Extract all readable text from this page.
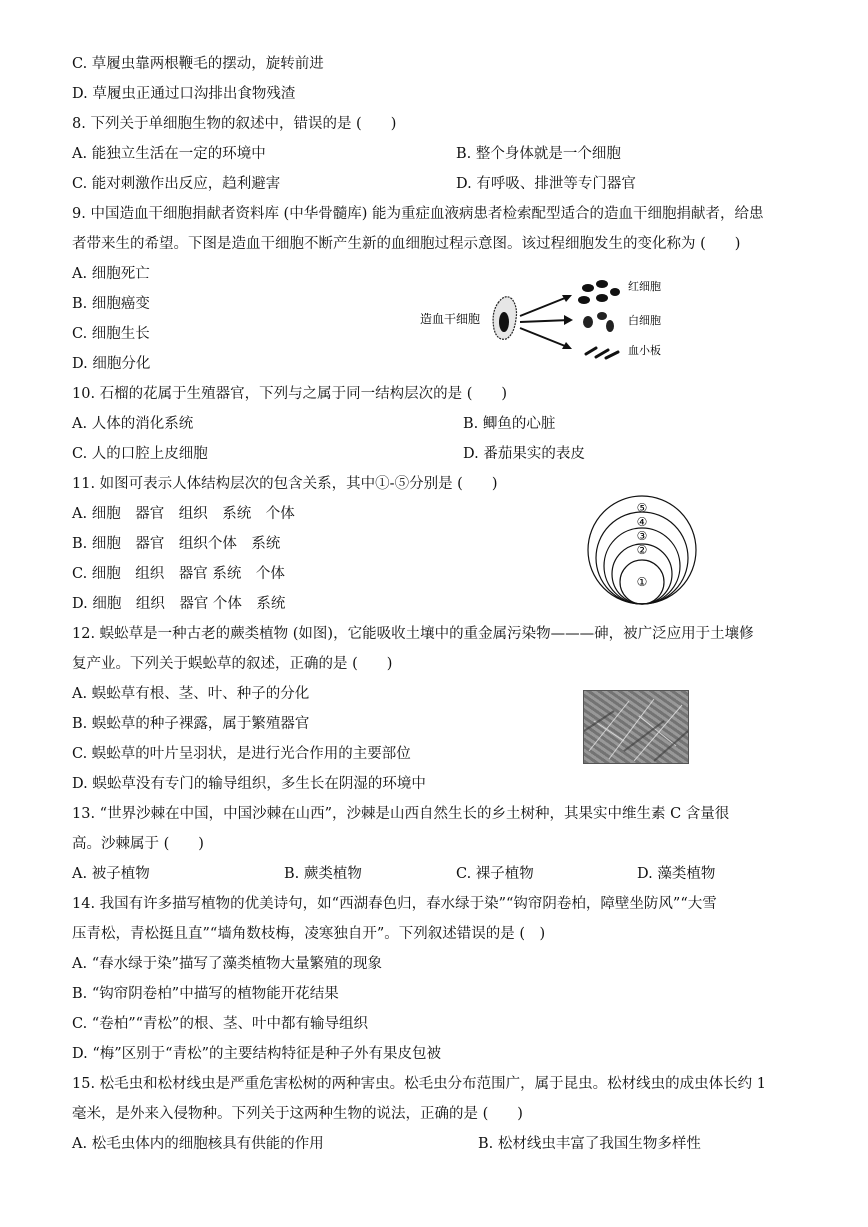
C. 草履虫靠两根鞭毛的摆动，旋转前进
D. 草履虫正通过口沟排出食物残渣
8. 下列关于单细胞生物的叙述中，错误的是 (　　)
A. 能独立生活在一定的环境中	B. 整个身体就是一个细胞
C. 能对刺激作出反应，趋利避害	D. 有呼吸、排泄等专门器官
9. 中国造血干细胞捐献者资料库 (中华骨髓库) 能为重症血液病患者检索配型适合的造血干细胞捐献者，给患
者带来生的希望。下图是造血干细胞不断产生新的血细胞过程示意图。该过程细胞发生的变化称为 (　　)
A. 细胞死亡
B. 细胞癌变
C. 细胞生长
D. 细胞分化
10. 石榴的花属于生殖器官，下列与之属于同一结构层次的是 (　　)
A. 人体的消化系统	B. 鲫鱼的心脏
C. 人的口腔上皮细胞	D. 番茄果实的表皮
11. 如图可表示人体结构层次的包含关系，其中①-⑤分别是 (　　)
A. 细胞　器官　组织　系统　个体
B. 细胞　器官　组织个体　系统
C. 细胞　组织　器官 系统　个体
D. 细胞　组织　器官 个体　系统
12. 蜈蚣草是一种古老的蕨类植物 (如图)，它能吸收土壤中的重金属污染物———砷，被广泛应用于土壤修
复产业。下列关于蜈蚣草的叙述，正确的是 (　　)
A. 蜈蚣草有根、茎、叶、种子的分化
B. 蜈蚣草的种子裸露，属于繁殖器官
C. 蜈蚣草的叶片呈羽状，是进行光合作用的主要部位
D. 蜈蚣草没有专门的输导组织，多生长在阴湿的环境中
13. “世界沙棘在中国，中国沙棘在山西”，沙棘是山西自然生长的乡土树种，其果实中维生素 C 含量很
高。沙棘属于 (　　)
A. 被子植物	B. 蕨类植物	C. 裸子植物	D. 藻类植物
14. 我国有许多描写植物的优美诗句，如“西湖春色归，春水绿于染”“钩帘阴卷柏，障壁坐防风”“大雪
压青松，青松挺且直”“墙角数枝梅，凌寒独自开”。下列叙述错误的是 (　)
A. “春水绿于染”描写了藻类植物大量繁殖的现象
B. “钩帘阴卷柏”中描写的植物能开花结果
C. “卷柏”“青松”的根、茎、叶中都有输导组织
D. “梅”区别于“青松”的主要结构特征是种子外有果皮包被
15. 松毛虫和松材线虫是严重危害松树的两种害虫。松毛虫分布范围广，属于昆虫。松材线虫的成虫体长约 1
毫米，是外来入侵物种。下列关于这两种生物的说法，正确的是 (　　)
A. 松毛虫体内的细胞核具有供能的作用	B. 松材线虫丰富了我国生物多样性
造血干细胞
红细胞
白细胞
血小板
⑤
④
③
②
①
